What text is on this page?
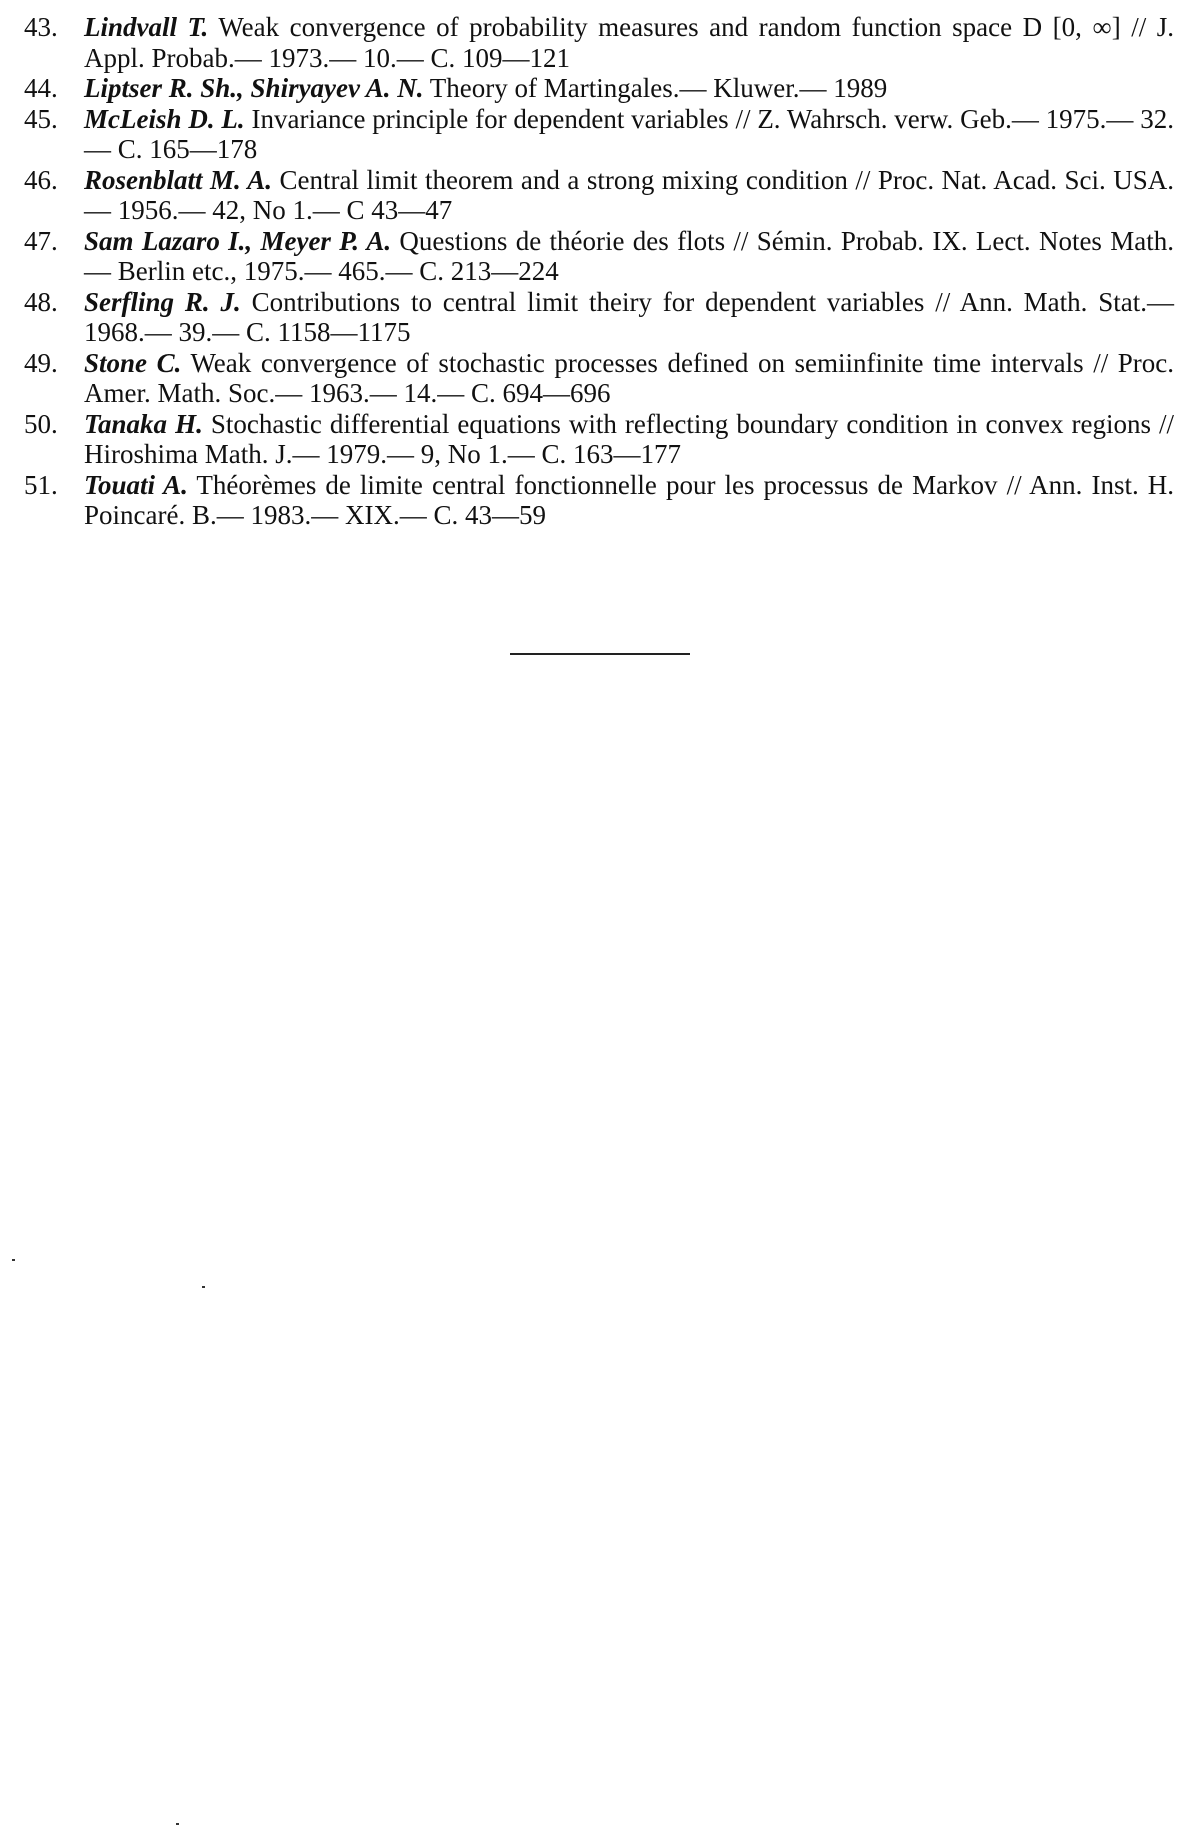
43. Lindvall T. Weak convergence of probability measures and random function space D [0, ∞] // J. Appl. Probab.— 1973.— 10.— C. 109—121
44. Liptser R. Sh., Shiryayev A. N. Theory of Martingales.— Kluwer.— 1989
45. McLeish D. L. Invariance principle for dependent variables // Z. Wahrsch. verw. Geb.— 1975.— 32.— C. 165—178
46. Rosenblatt M. A. Central limit theorem and a strong mixing condition // Proc. Nat. Acad. Sci. USA.— 1956.— 42, No 1.— C 43—47
47. Sam Lazaro I., Meyer P. A. Questions de théorie des flots // Sémin. Probab. IX. Lect. Notes Math.— Berlin etc., 1975.— 465.— C. 213—224
48. Serfling R. J. Contributions to central limit theiry for dependent variables // Ann. Math. Stat.— 1968.— 39.— C. 1158—1175
49. Stone C. Weak convergence of stochastic processes defined on semiinfinite time intervals // Proc. Amer. Math. Soc.— 1963.— 14.— C. 694—696
50. Tanaka H. Stochastic differential equations with reflecting boundary condition in convex regions // Hiroshima Math. J.— 1979.— 9, No 1.— C. 163—177
51. Touati A. Théorèmes de limite central fonctionnelle pour les processus de Markov // Ann. Inst. H. Poincaré. B.— 1983.— XIX.— C. 43—59
